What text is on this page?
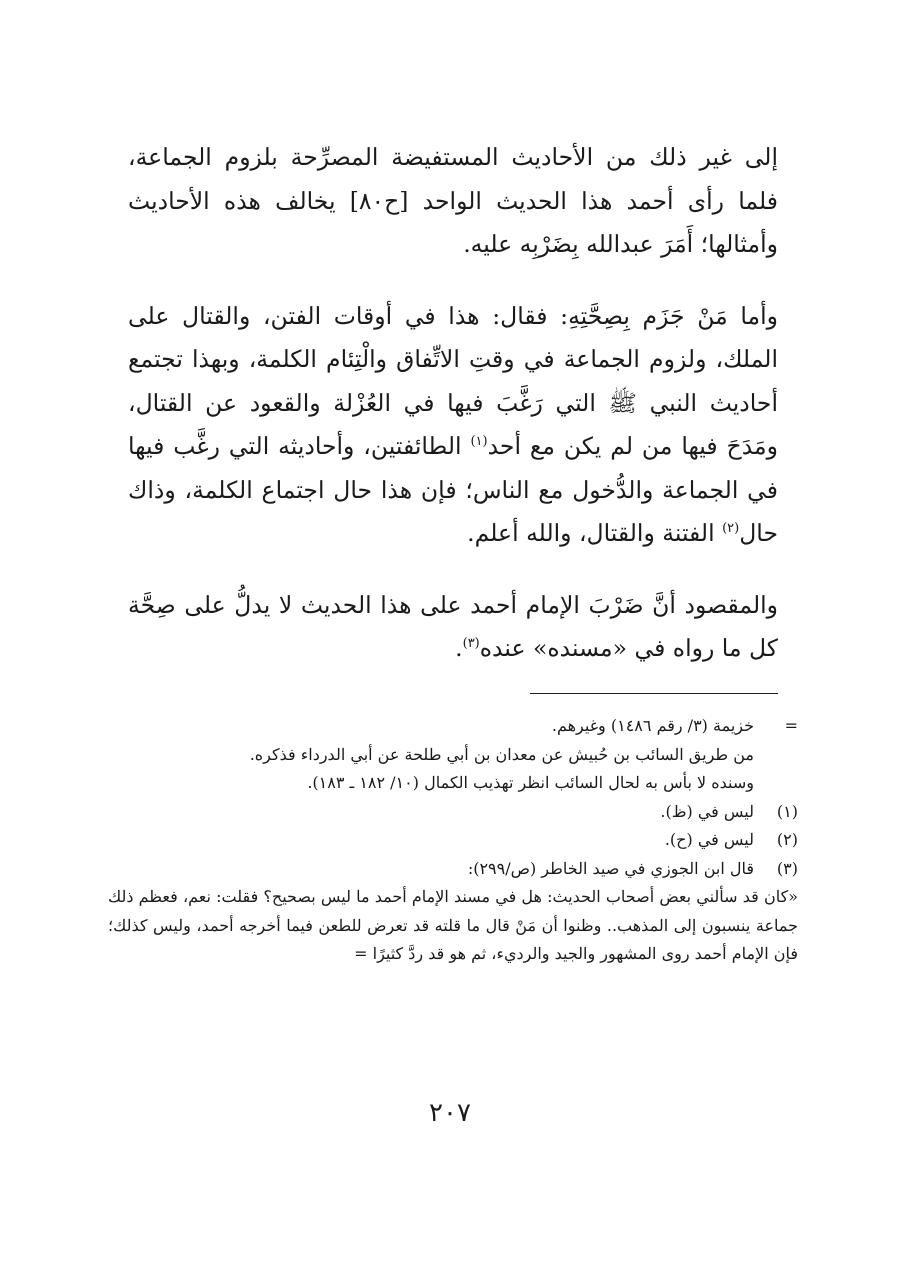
إلى غير ذلك من الأحاديث المستفيضة المصرِّحة بلزوم الجماعة، فلما رأى أحمد هذا الحديث الواحد [ح٨٠] يخالف هذه الأحاديث وأمثالها؛ أَمَرَ عبدالله بِضَرْبِه عليه.

وأما مَنْ جَزَم بِصِحَّتِهِ: فقال: هذا في أوقات الفتن، والقتال على الملك، ولزوم الجماعة في وقتِ الاتِّفاق والْتِئام الكلمة، وبهذا تجتمع أحاديث النبي ﷺ التي رَغَّبَ فيها في العُزْلة والقعود عن القتال، ومَدَحَ فيها من لم يكن مع أحد$^{(١)}$ الطائفتين، وأحاديثه التي رغَّب فيها في الجماعة والدُّخول مع الناس؛ فإن هذا حال اجتماع الكلمة، وذاك حال$^{(٢)}$ الفتنة والقتال، والله أعلم.

والمقصود أنَّ ضَرْبَ الإمام أحمد على هذا الحديث لا يدلُّ على صِحَّة كل ما رواه في «مسنده» عنده$^{(٣)}$.

=
خزيمة (٣/ رقم ١٤٨٦) وغيرهم.
من طريق السائب بن حُبيش عن معدان بن أبي طلحة عن أبي الدرداء فذكره.
وسنده لا بأس به لحال السائب انظر تهذيب الكمال (١٠/ ١٨٢ ـ ١٨٣).
(١)
ليس في (ظ).
(٢)
ليس في (ح).
(٣)
قال ابن الجوزي في صيد الخاطر (ص/٢٩٩):
«كان قد سألني بعض أصحاب الحديث: هل في مسند الإمام أحمد ما ليس بصحيح؟ فقلت: نعم، فعظم ذلك جماعة ينسبون إلى المذهب.. وظنوا أن مَنْ قال ما قلته قد تعرض للطعن فيما أخرجه أحمد، وليس كذلك؛ فإن الإمام أحمد روى المشهور والجيد والرديء، ثم هو قد ردَّ كثيرًا =
٢٠٧
